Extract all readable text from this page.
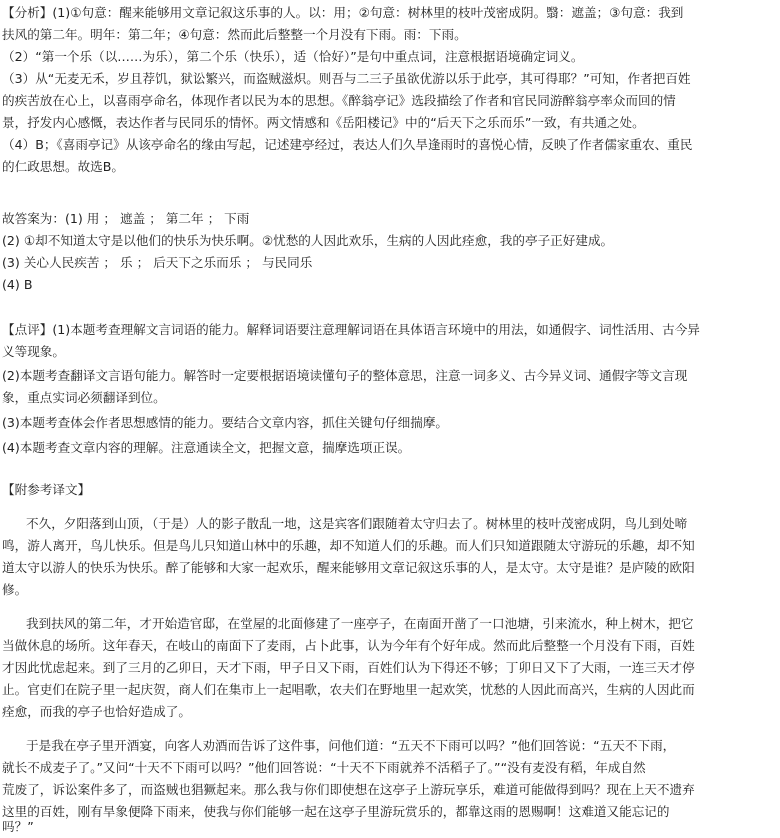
【分析】(1)①句意：醒来能够用文章记叙这乐事的人。以：用；②句意：树林里的枝叶茂密成阴。翳：遮盖；③句意：我到
扶风的第二年。明年：第二年；④句意：然而此后整整一个月没有下雨。雨：下雨。
（2）“第一个乐（以……为乐），第二个乐（快乐），适（恰好）”是句中重点词，注意根据语境确定词义。
（3）从“无麦无禾，岁且荐饥，狱讼繁兴，而盗贼滋炽。则吾与二三子虽欲优游以乐于此亭，其可得耶？”可知，作者把百姓
的疾苦放在心上，以喜雨亭命名，体现作者以民为本的思想。《醉翁亭记》选段描绘了作者和官民同游醉翁亭率众而回的情
景，抒发内心感慨，表达作者与民同乐的情怀。两文情感和《岳阳楼记》中的“后天下之乐而乐”一致，有共通之处。
（4）B；《喜雨亭记》从该亭命名的缘由写起，记述建亭经过，表达人们久旱逢雨时的喜悦心情，反映了作者儒家重农、重民
的仁政思想。故选B。
故答案为：(1) 用 ； 遮盖 ； 第二年 ； 下雨
(2) ①却不知道太守是以他们的快乐为快乐啊。②忧愁的人因此欢乐，生病的人因此痊愈，我的亭子正好建成。
(3) 关心人民疾苦 ； 乐 ； 后天下之乐而乐 ； 与民同乐
(4) B
【点评】(1)本题考查理解文言词语的能力。解释词语要注意理解词语在具体语言环境中的用法，如通假字、词性活用、古今异
义等现象。
(2)本题考查翻译文言语句能力。解答时一定要根据语境读懂句子的整体意思，注意一词多义、古今异义词、通假字等文言现
象，重点实词必须翻译到位。
(3)本题考查体会作者思想感情的能力。要结合文章内容，抓住关键句仔细揣摩。
(4)本题考查文章内容的理解。注意通读全文，把握文意，揣摩选项正误。
【附参考译文】
不久，夕阳落到山顶，（于是）人的影子散乱一地，这是宾客们跟随着太守归去了。树林里的枝叶茂密成阴，鸟儿到处啼
鸣，游人离开，鸟儿快乐。但是鸟儿只知道山林中的乐趣，却不知道人们的乐趣。而人们只知道跟随太守游玩的乐趣，却不知
道太守以游人的快乐为快乐。醉了能够和大家一起欢乐，醒来能够用文章记叙这乐事的人，是太守。太守是谁？是庐陵的欧阳
修。
我到扶风的第二年，才开始造官邸，在堂屋的北面修建了一座亭子，在南面开凿了一口池塘，引来流水，种上树木，把它
当做休息的场所。这年春天，在岐山的南面下了麦雨，占卜此事，认为今年有个好年成。然而此后整整一个月没有下雨，百姓
才因此忧虑起来。到了三月的乙卯日，天才下雨，甲子日又下雨，百姓们认为下得还不够；丁卯日又下了大雨，一连三天才停
止。官吏们在院子里一起庆贺，商人们在集市上一起唱歌，农夫们在野地里一起欢笑，忧愁的人因此而高兴，生病的人因此而
痊愈，而我的亭子也恰好造成了。
于是我在亭子里开酒宴，向客人劝酒而告诉了这件事，问他们道：“五天不下雨可以吗？”他们回答说：“五天不下雨，
就长不成麦子了。”又问“十天不下雨可以吗？”他们回答说：“十天不下雨就养不活稻子了。”“没有麦没有稻，年成自然
荒废了，诉讼案件多了，而盗贼也猖獗起来。那么我与你们即使想在这亭子上游玩享乐，难道可能做得到吗？现在上天不遗弃
这里的百姓，刚有旱象便降下雨来，使我与你们能够一起在这亭子里游玩赏乐的，都靠这雨的恩赐啊！这难道又能忘记的
吗？”
